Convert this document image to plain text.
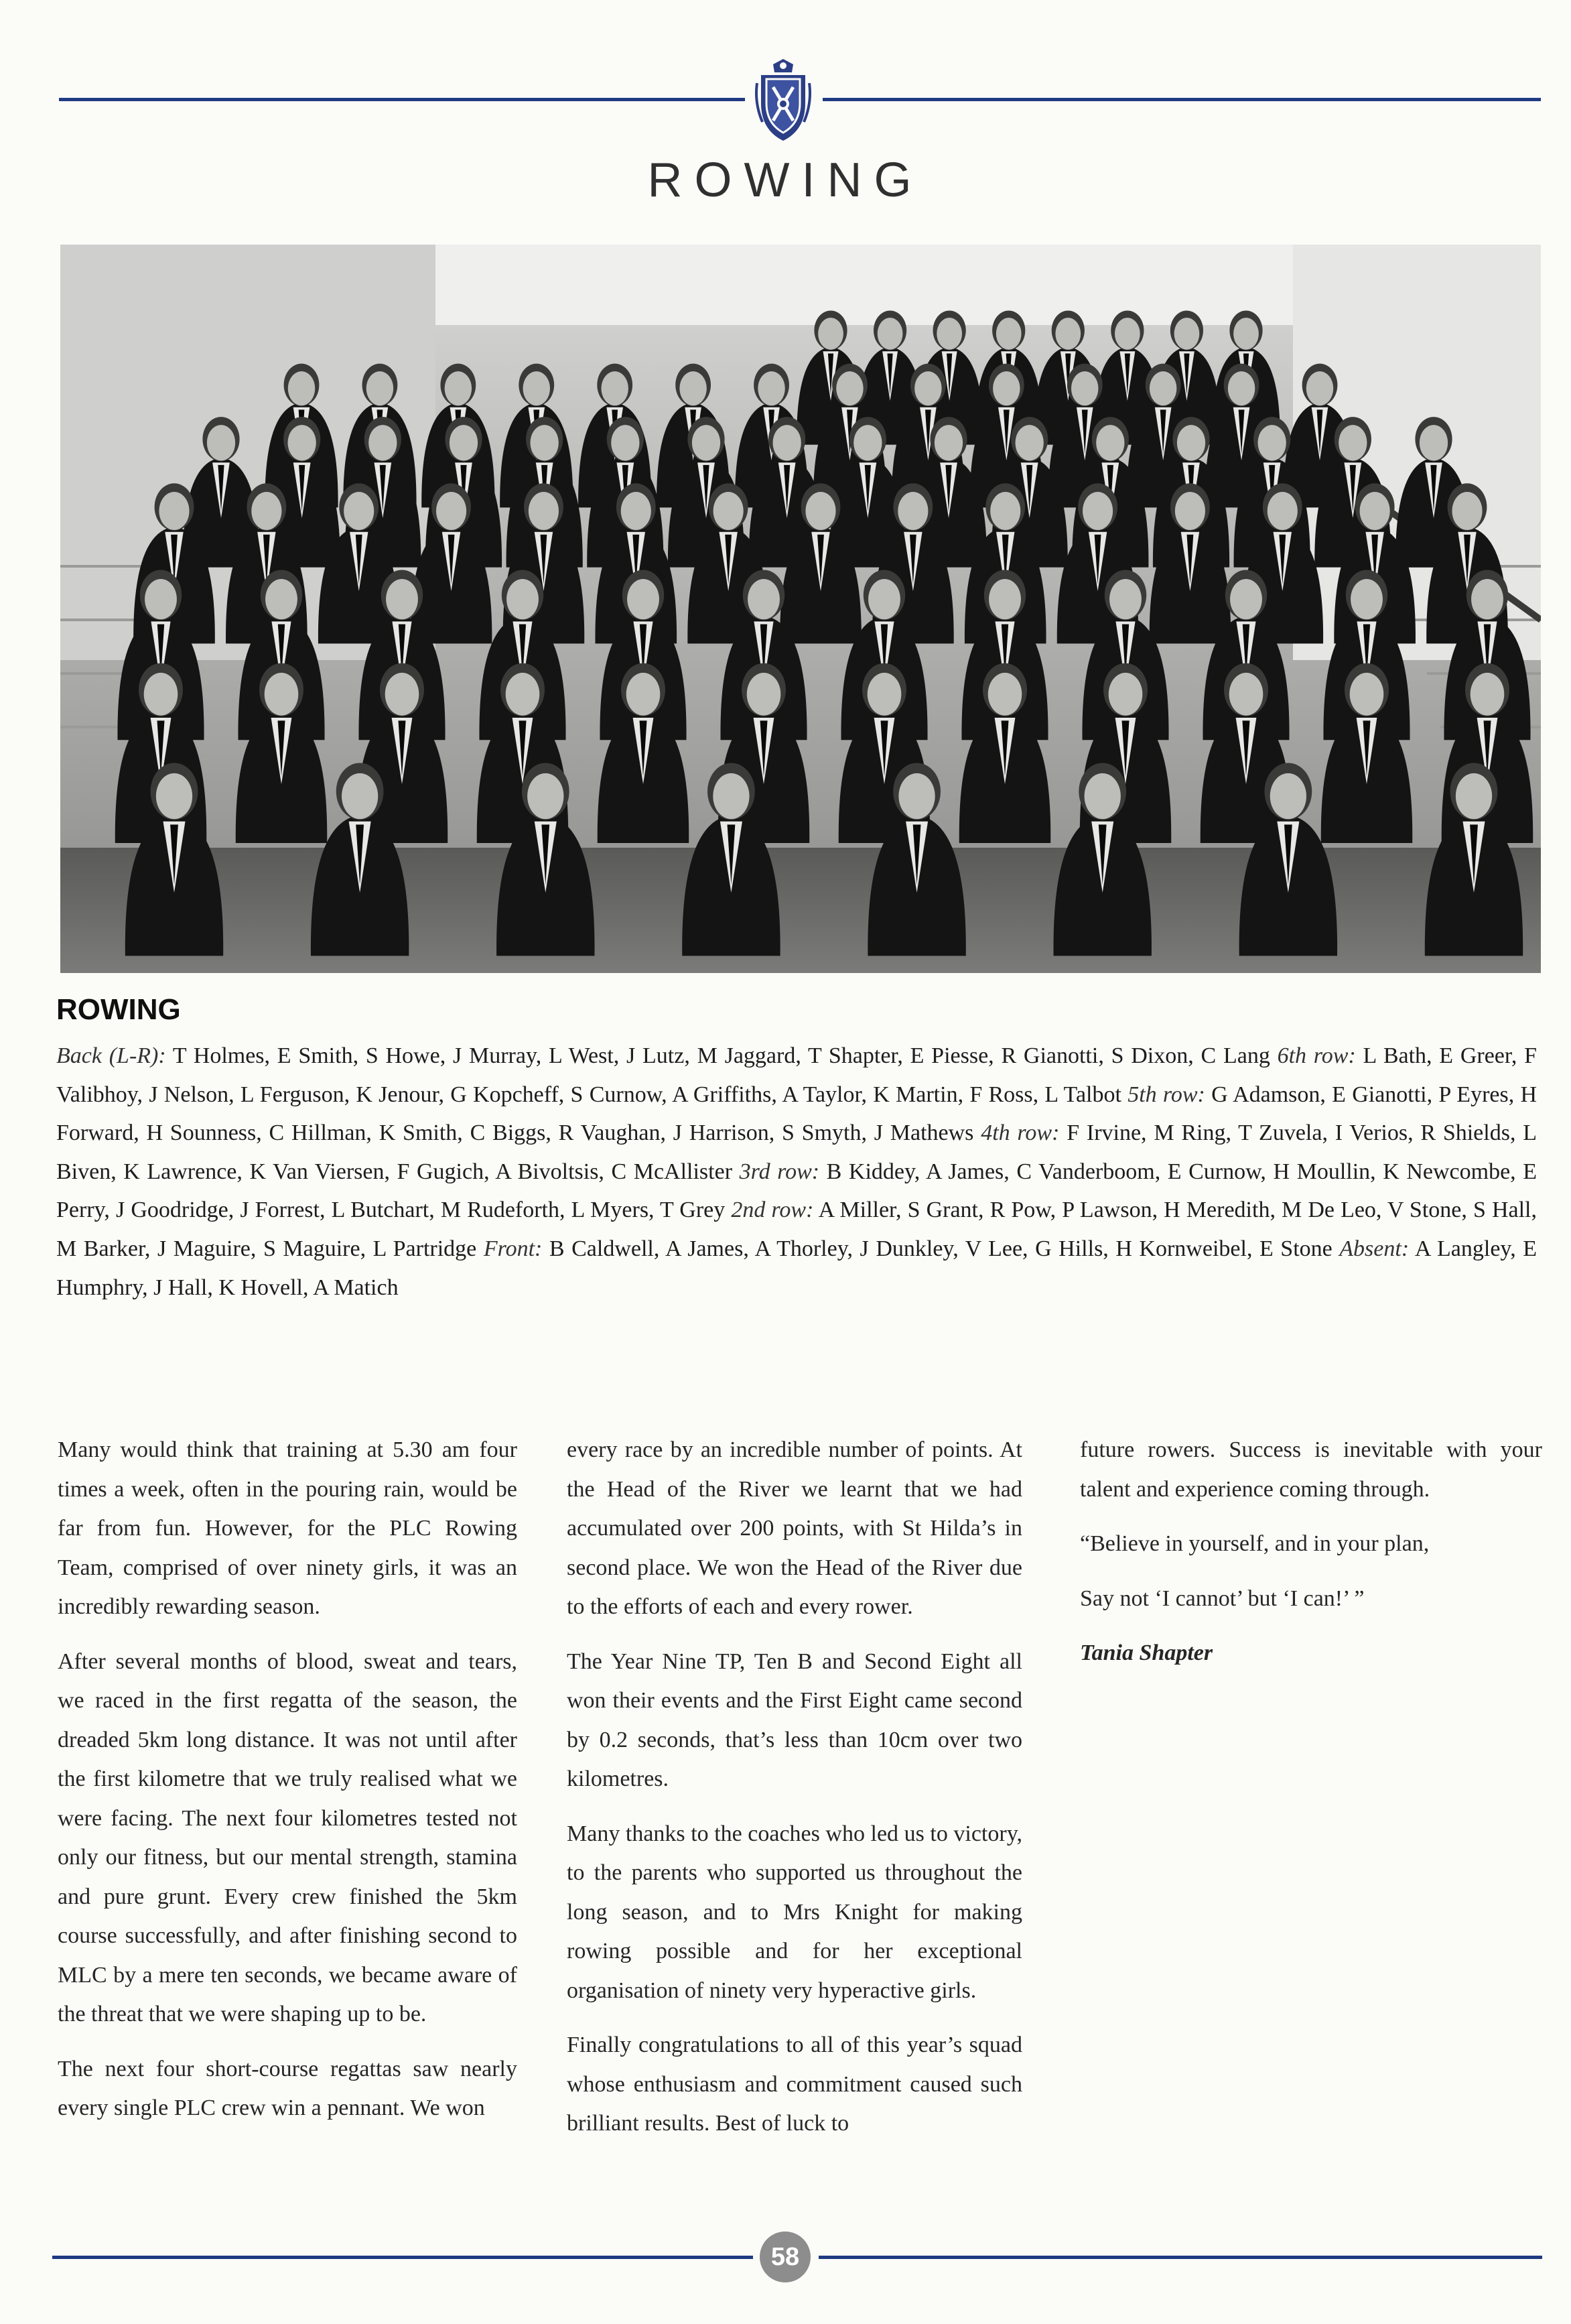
ROWING
ROWING
Back (L-R): T Holmes, E Smith, S Howe, J Murray, L West, J Lutz, M Jaggard, T Shapter, E Piesse, R Gianotti, S Dixon, C Lang 6th row: L Bath, E Greer, F Valibhoy, J Nelson, L Ferguson, K Jenour, G Kopcheff, S Curnow, A Griffiths, A Taylor, K Martin, F Ross, L Talbot 5th row: G Adamson, E Gianotti, P Eyres, H Forward, H Sounness, C Hillman, K Smith, C Biggs, R Vaughan, J Harrison, S Smyth, J Mathews 4th row: F Irvine, M Ring, T Zuvela, I Verios, R Shields, L Biven, K Lawrence, K Van Viersen, F Gugich, A Bivoltsis, C McAllister 3rd row: B Kiddey, A James, C Vanderboom, E Curnow, H Moullin, K Newcombe, E Perry, J Goodridge, J Forrest, L Butchart, M Rudeforth, L Myers, T Grey 2nd row: A Miller, S Grant, R Pow, P Lawson, H Meredith, M De Leo, V Stone, S Hall, M Barker, J Maguire, S Maguire, L Partridge Front: B Caldwell, A James, A Thorley, J Dunkley, V Lee, G Hills, H Kornweibel, E Stone Absent: A Langley, E Humphry, J Hall, K Hovell, A Matich

Many would think that training at 5.30 am four times a week, often in the pouring rain, would be far from fun. However, for the PLC Rowing Team, comprised of over ninety girls, it was an incredibly rewarding season.

After several months of blood, sweat and tears, we raced in the first regatta of the season, the dreaded 5km long distance. It was not until after the first kilometre that we truly realised what we were facing. The next four kilometres tested not only our fitness, but our mental strength, stamina and pure grunt. Every crew finished the 5km course successfully, and after finishing second to MLC by a mere ten seconds, we became aware of the threat that we were shaping up to be.

The next four short-course regattas saw nearly every single PLC crew win a pennant. We won

every race by an incredible number of points. At the Head of the River we learnt that we had accumulated over 200 points, with St Hilda’s in second place. We won the Head of the River due to the efforts of each and every rower.

The Year Nine TP, Ten B and Second Eight all won their events and the First Eight came second by 0.2 seconds, that’s less than 10cm over two kilometres.

Many thanks to the coaches who led us to victory, to the parents who supported us throughout the long season, and to Mrs Knight for making rowing possible and for her exceptional organisation of ninety very hyperactive girls.

Finally congratulations to all of this year’s squad whose enthusiasm and commitment caused such brilliant results. Best of luck to

future rowers. Success is inevitable with your talent and experience coming through.

“Believe in yourself, and in your plan,

Say not ‘I cannot’ but ‘I can!’ ”

Tania Shapter

58
